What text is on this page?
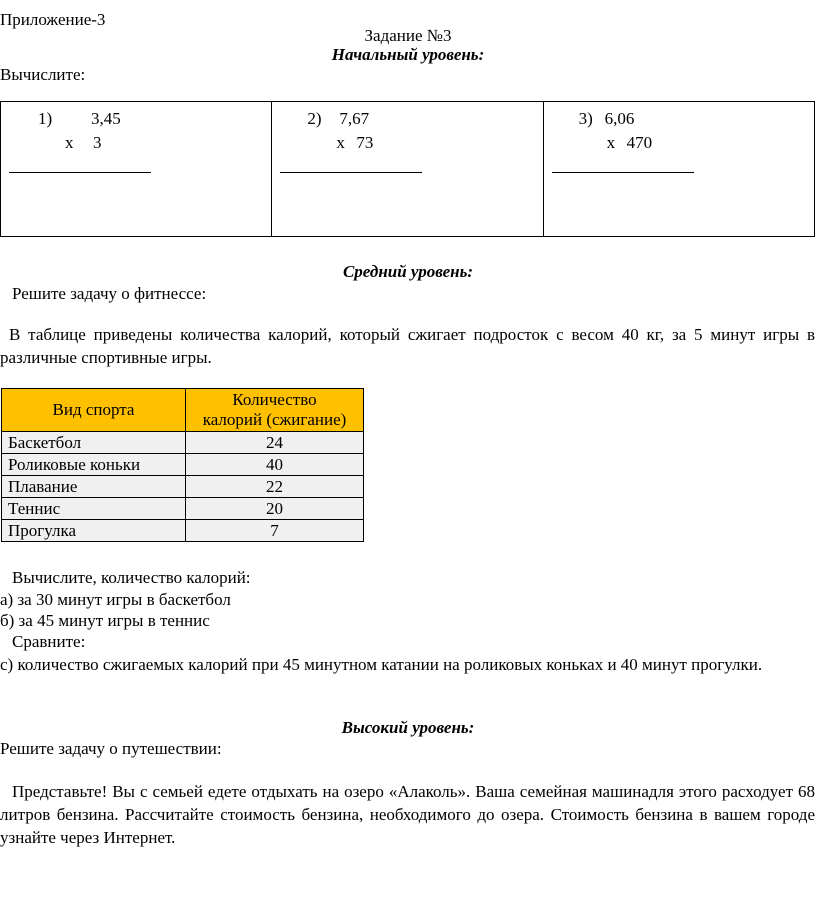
Приложение-3
Задание №3
Начальный уровень:
Вычислите:
1) 3,45
х 3

2) 7,67
х 73

3) 6,06
х 470
Средний уровень:
Решите задачу о фитнессе:
В таблице приведены количества калорий, который сжигает подросток с весом 40 кг, за 5 минут игры в различные спортивные игры.
Вид спорта	Количество
калорий (сжигание)

Баскетбол	24
Роликовые коньки	40
Плавание	22
Теннис	20
Прогулка	7
Вычислите, количество калорий:
а) за 30 минут игры в баскетбол
б) за 45 минут игры в теннис
Сравните:
с) количество сжигаемых калорий при 45 минутном катании на роликовых коньках и 40 минут прогулки.
Высокий уровень:
Решите задачу о путешествии:
Представьте! Вы с семьей едете отдыхать на озеро «Алаколь». Ваша семейная машинадля этого расходует 68 литров бензина. Рассчитайте стоимость бензина, необходимого до озера. Стоимость бензина в вашем городе узнайте через Интернет.
